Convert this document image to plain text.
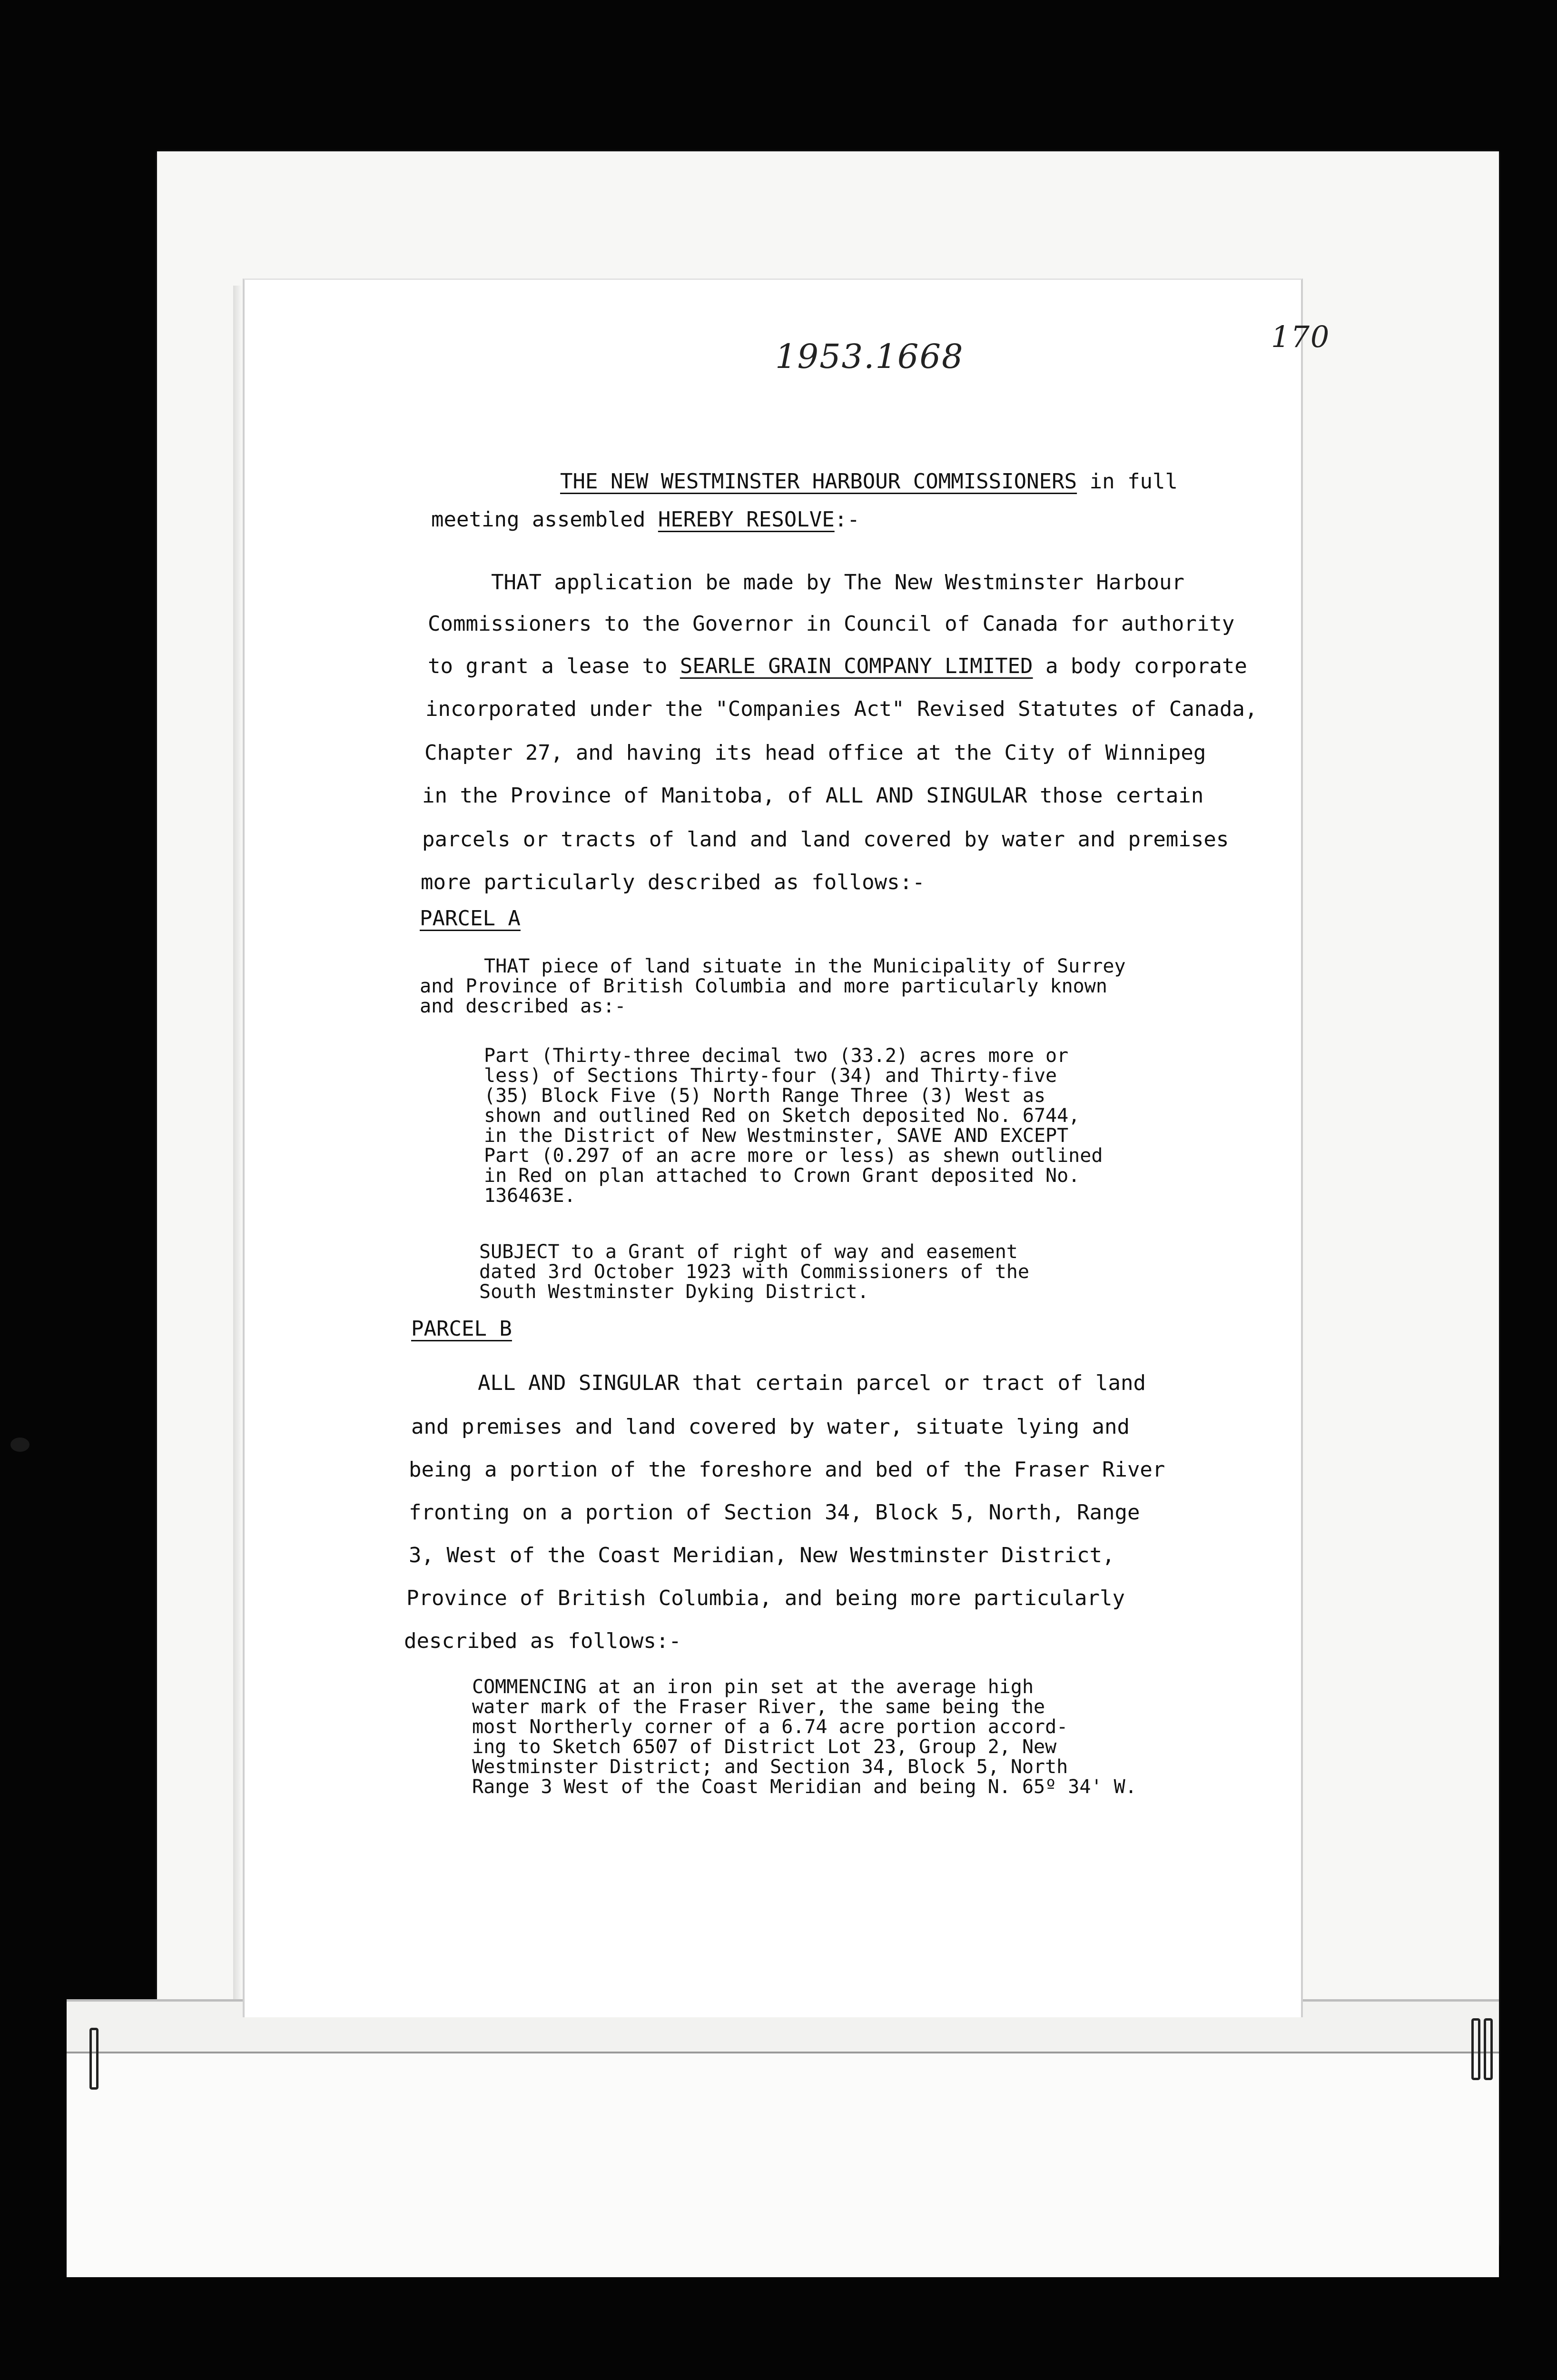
1953.1668
170

THE NEW WESTMINSTER HARBOUR COMMISSIONERS in full

meeting assembled HEREBY RESOLVE:-

THAT application be made by The New Westminster Harbour

Commissioners to the Governor in Council of Canada for authority

to grant a lease to SEARLE GRAIN COMPANY LIMITED a body corporate

incorporated under the "Companies Act" Revised Statutes of Canada,

Chapter 27, and having its head office at the City of Winnipeg

in the Province of Manitoba, of ALL AND SINGULAR those certain

parcels or tracts of land and land covered by water and premises

more particularly described as follows:-

PARCEL A

THAT piece of land situate in the Municipality of Surrey

and Province of British Columbia and more particularly known

and described as:-

Part (Thirty-three decimal two (33.2) acres more or

less) of Sections Thirty-four (34) and Thirty-five

(35) Block Five (5) North Range Three (3) West as

shown and outlined Red on Sketch deposited No. 6744,

in the District of New Westminster, SAVE AND EXCEPT

Part (0.297 of an acre more or less) as shewn outlined

in Red on plan attached to Crown Grant deposited No.

136463E.

SUBJECT to a Grant of right of way and easement

dated 3rd October 1923 with Commissioners of the

South Westminster Dyking District.

PARCEL B

ALL AND SINGULAR that certain parcel or tract of land

and premises and land covered by water, situate lying and

being a portion of the foreshore and bed of the Fraser River

fronting on a portion of Section 34, Block 5, North, Range

3, West of the Coast Meridian, New Westminster District,

Province of British Columbia, and being more particularly

described as follows:-

COMMENCING at an iron pin set at the average high

water mark of the Fraser River, the same being the

most Northerly corner of a 6.74 acre portion accord-

ing to Sketch 6507 of District Lot 23, Group 2, New

Westminster District; and Section 34, Block 5, North

Range 3 West of the Coast Meridian and being N. 65º 34' W.
